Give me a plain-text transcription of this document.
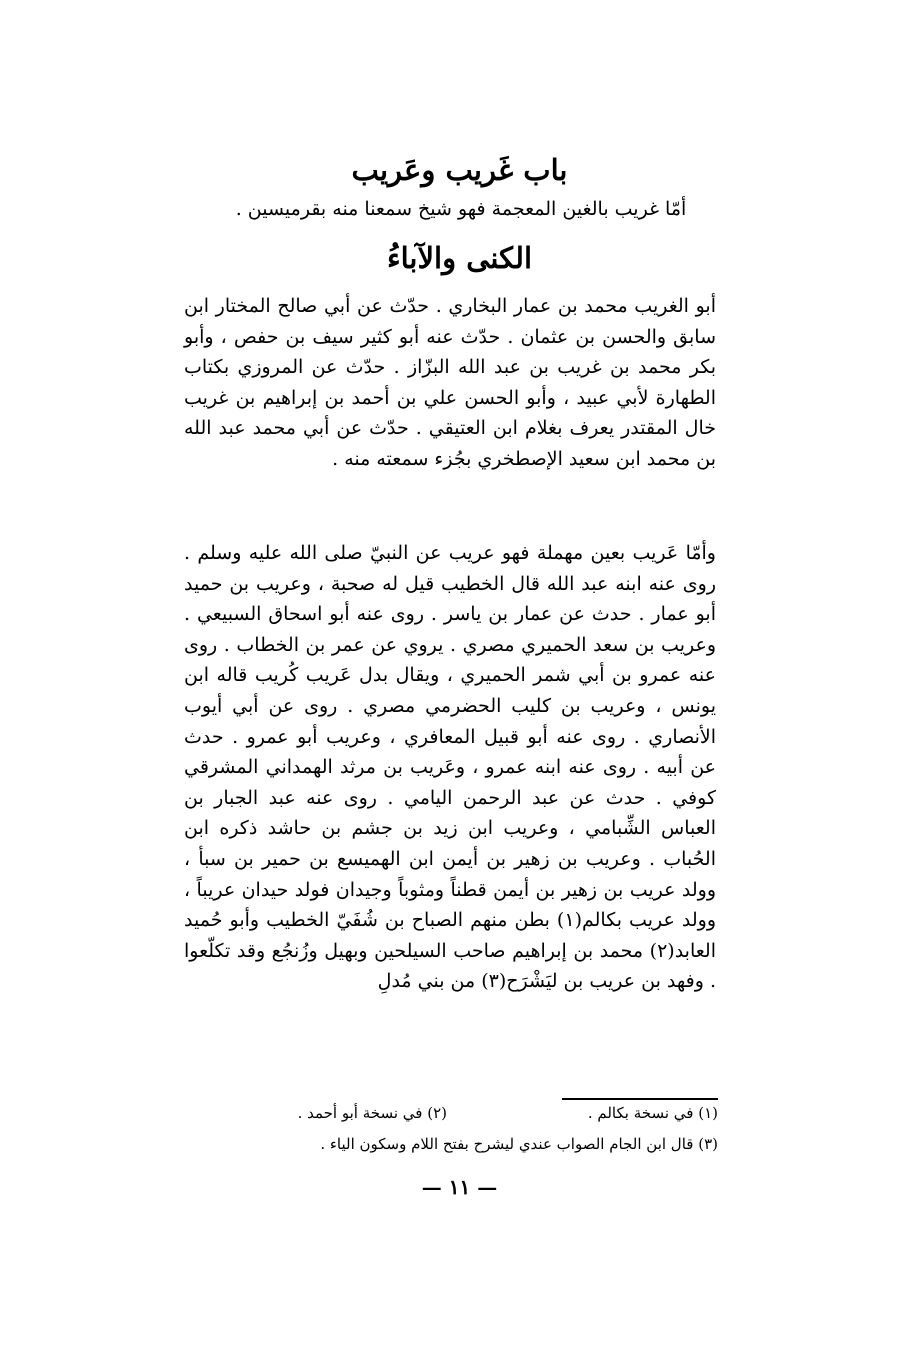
باب غَريب وعَريب
أمّا غريب بالغين المعجمة فهو شيخ سمعنا منه بقرميسين .
الكنى والآباءُ
أبو الغريب محمد بن عمار البخاري . حدّث عن أبي صالح المختار ابن سابق والحسن بن عثمان . حدّث عنه أبو كثير سيف بن حفص ، وأبو بكر محمد بن غريب بن عبد الله البزّاز . حدّث عن المروزي بكتاب الطهارة لأبي عبيد ، وأبو الحسن علي بن أحمد بن إبراهيم بن غريب خال المقتدر يعرف بغلام ابن العتيقي . حدّث عن أبي محمد عبد الله بن محمد ابن سعيد الإصطخري بجُزء سمعته منه .
وأمّا عَريب بعين مهملة فهو عريب عن النبيّ صلى الله عليه وسلم . روى عنه ابنه عبد الله قال الخطيب قيل له صحبة ، وعريب بن حميد أبو عمار . حدث عن عمار بن ياسر . روى عنه أبو اسحاق السبيعي . وعريب بن سعد الحميري مصري . يروي عن عمر بن الخطاب . روى عنه عمرو بن أبي شمر الحميري ، ويقال بدل عَريب كُريب قاله ابن يونس ، وعريب بن كليب الحضرمي مصري . روى عن أبي أيوب الأنصاري . روى عنه أبو قبيل المعافري ، وعريب أبو عمرو . حدث عن أبيه . روى عنه ابنه عمرو ، وعَريب بن مرثد الهمداني المشرقي كوفي . حدث عن عبد الرحمن اليامي . روى عنه عبد الجبار بن العباس الشِّبامي ، وعريب ابن زيد بن جشم بن حاشد ذكره ابن الحُباب . وعريب بن زهير بن أيمن ابن الهميسع بن حمير بن سبأ ، وولد عريب بن زهير بن أيمن قطناً ومثوباً وجيدان فولد حيدان عريباً ، وولد عريب بكالم(١) بطن منهم الصباح بن شُفَيّ الخطيب وأبو حُميد العابد(٢) محمد بن إبراهيم صاحب السيلحين وبهيل وزُنجُع وقد تكلّعوا . وفهد بن عريب بن ليَشْرَح(٣) من بني مُدلِ
(١) في نسخة بكالم .
(٢) في نسخة أبو أحمد .
(٣) قال ابن الجام الصواب عندي ليشرح بفتح اللام وسكون الياء .
— ١١ —
